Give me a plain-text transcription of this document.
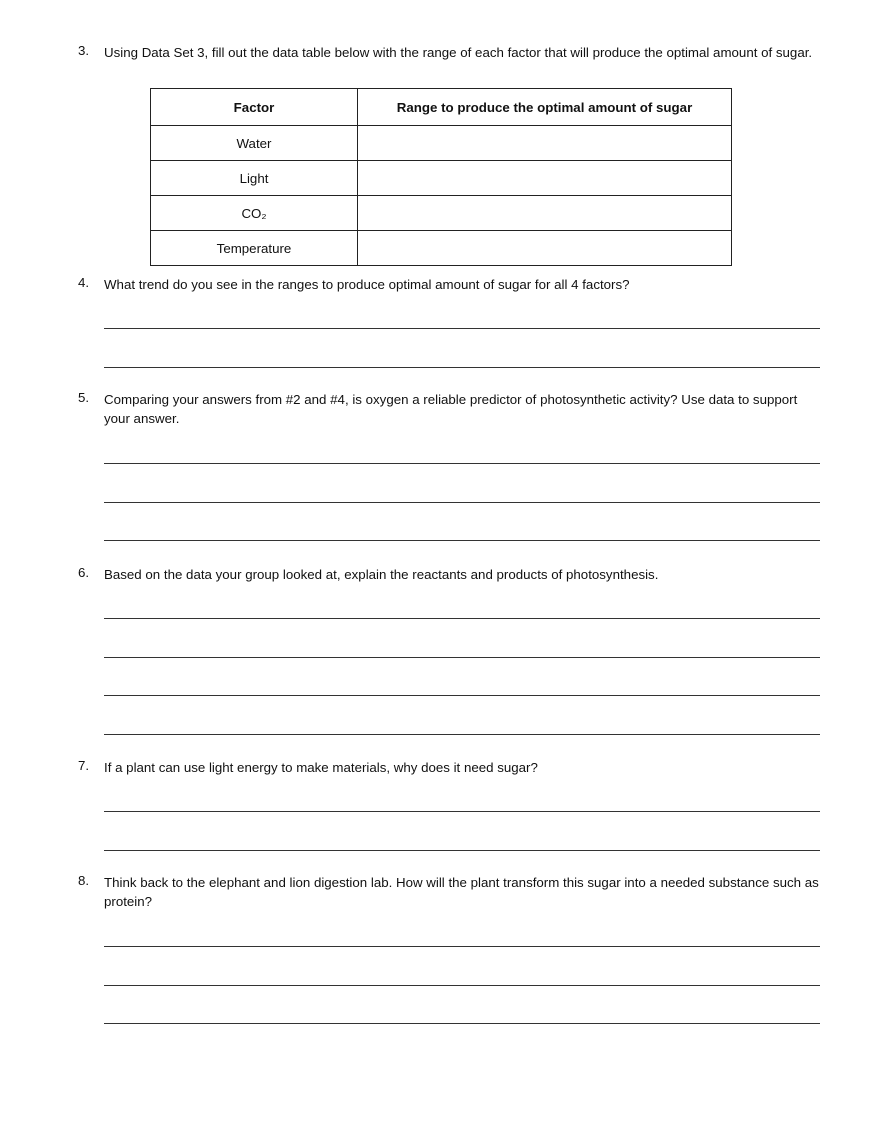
3. Using Data Set 3, fill out the data table below with the range of each factor that will produce the optimal amount of sugar.
Factor	Range to produce the optimal amount of sugar
Water	
Light	
CO₂	
Temperature	
4. What trend do you see in the ranges to produce optimal amount of sugar for all 4 factors?
5. Comparing your answers from #2 and #4, is oxygen a reliable predictor of photosynthetic activity? Use data to support your answer.
6. Based on the data your group looked at, explain the reactants and products of photosynthesis.
7. If a plant can use light energy to make materials, why does it need sugar?
8. Think back to the elephant and lion digestion lab. How will the plant transform this sugar into a needed substance such as protein?
